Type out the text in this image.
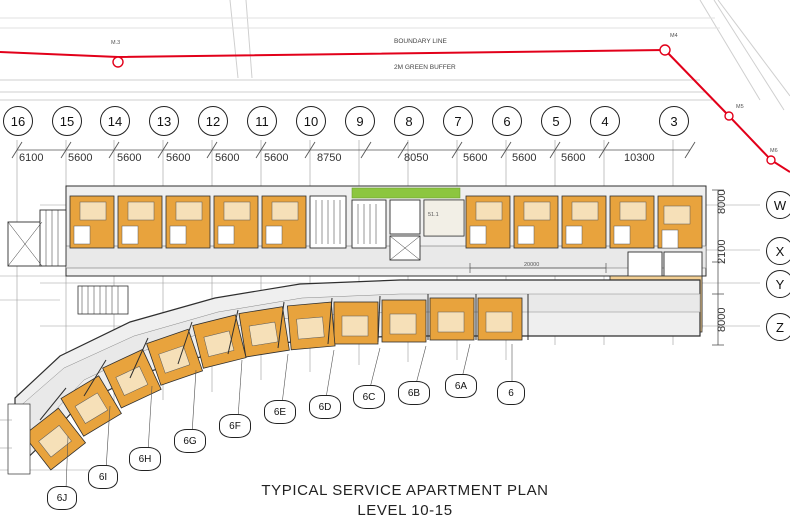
BOUNDARY LINE
2M GREEN BUFFER
M.3
M4
M5
M6
16	15	14	13	12	11	10	9	8	7	6	5	4	3
6100 5600 5600 5600 5600 5600	8750	8050	5600 5600 5600	10300
W
X
Y
Z
8000
2100
8000
20000
51.1
6
6A
6B
6C
6D
6E
6F
6G
6H
6I
6J	TYPICAL SERVICE APARTMENT PLAN
LEVEL 10-15
